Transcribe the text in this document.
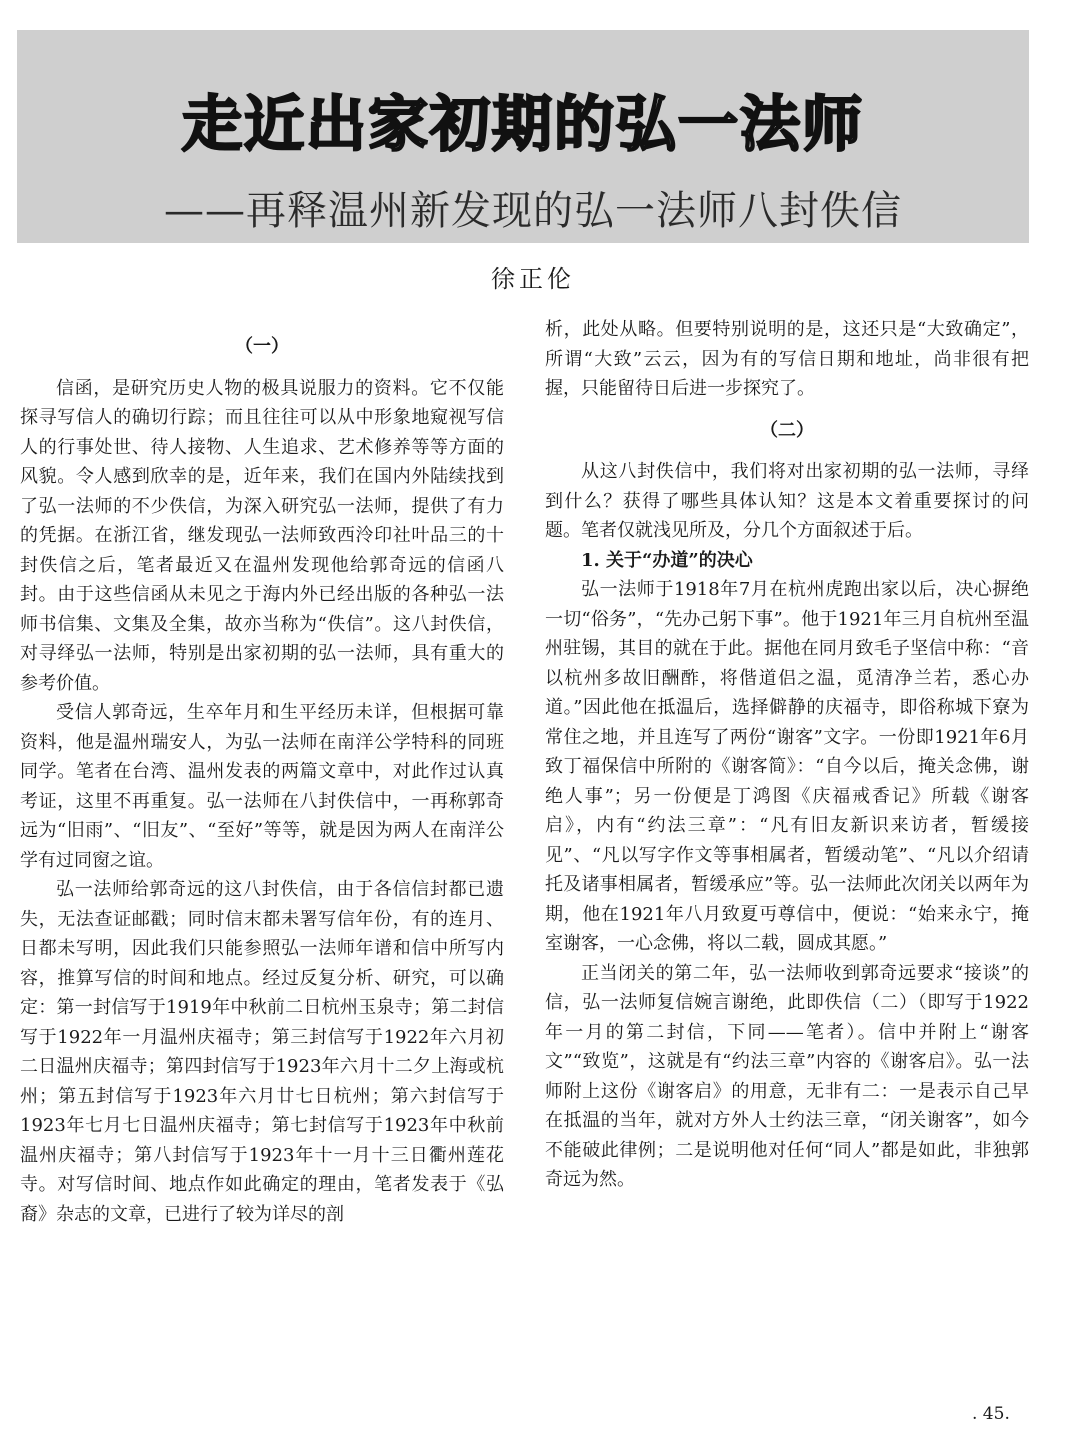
走近出家初期的弘一法师
——再释温州新发现的弘一法师八封佚信
徐正伦
（一）

信函，是研究历史人物的极具说服力的资料。它不仅能探寻写信人的确切行踪；而且往往可以从中形象地窥视写信人的行事处世、待人接物、人生追求、艺术修养等等方面的风貌。令人感到欣幸的是，近年来，我们在国内外陆续找到了弘一法师的不少佚信，为深入研究弘一法师，提供了有力的凭据。在浙江省，继发现弘一法师致西泠印社叶品三的十封佚信之后，笔者最近又在温州发现他给郭奇远的信函八封。由于这些信函从未见之于海内外已经出版的各种弘一法师书信集、文集及全集，故亦当称为“佚信”。这八封佚信，对寻绎弘一法师，特别是出家初期的弘一法师，具有重大的参考价值。

受信人郭奇远，生卒年月和生平经历未详，但根据可靠资料，他是温州瑞安人，为弘一法师在南洋公学特科的同班同学。笔者在台湾、温州发表的两篇文章中，对此作过认真考证，这里不再重复。弘一法师在八封佚信中，一再称郭奇远为“旧雨”、“旧友”、“至好”等等，就是因为两人在南洋公学有过同窗之谊。

弘一法师给郭奇远的这八封佚信，由于各信信封都已遗失，无法查证邮戳；同时信末都未署写信年份，有的连月、日都未写明，因此我们只能参照弘一法师年谱和信中所写内容，推算写信的时间和地点。经过反复分析、研究，可以确定：第一封信写于1919年中秋前二日杭州玉泉寺；第二封信写于1922年一月温州庆福寺；第三封信写于1922年六月初二日温州庆福寺；第四封信写于1923年六月十二夕上海或杭州；第五封信写于1923年六月廿七日杭州；第六封信写于1923年七月七日温州庆福寺；第七封信写于1923年中秋前温州庆福寺；第八封信写于1923年十一月十三日衢州莲花寺。对写信时间、地点作如此确定的理由，笔者发表于《弘裔》杂志的文章，已进行了较为详尽的剖

析，此处从略。但要特别说明的是，这还只是“大致确定”，所谓“大致”云云，因为有的写信日期和地址，尚非很有把握，只能留待日后进一步探究了。

（二）

从这八封佚信中，我们将对出家初期的弘一法师，寻绎到什么？获得了哪些具体认知？这是本文着重要探讨的问题。笔者仅就浅见所及，分几个方面叙述于后。

1. 关于“办道”的决心

弘一法师于1918年7月在杭州虎跑出家以后，决心摒绝一切“俗务”，“先办己躬下事”。他于1921年三月自杭州至温州驻锡，其目的就在于此。据他在同月致毛子坚信中称：“音以杭州多故旧酬酢，将偕道侣之温，觅清净兰若，悉心办道。”因此他在抵温后，选择僻静的庆福寺，即俗称城下寮为常住之地，并且连写了两份“谢客”文字。一份即1921年6月致丁福保信中所附的《谢客简》：“自今以后，掩关念佛，谢绝人事”；另一份便是丁鸿图《庆福戒香记》所载《谢客启》，内有“约法三章”：“凡有旧友新识来访者，暂缓接见”、“凡以写字作文等事相属者，暂缓动笔”、“凡以介绍请托及诸事相属者，暂缓承应”等。弘一法师此次闭关以两年为期，他在1921年八月致夏丏尊信中，便说：“始来永宁，掩室谢客，一心念佛，将以二载，圆成其愿。”

正当闭关的第二年，弘一法师收到郭奇远要求“接谈”的信，弘一法师复信婉言谢绝，此即佚信（二）（即写于1922年一月的第二封信，下同——笔者）。信中并附上“谢客文”“致览”，这就是有“约法三章”内容的《谢客启》。弘一法师附上这份《谢客启》的用意，无非有二：一是表示自己早在抵温的当年，就对方外人士约法三章，“闭关谢客”，如今不能破此律例；二是说明他对任何“同人”都是如此，非独郭奇远为然。

. 45.
